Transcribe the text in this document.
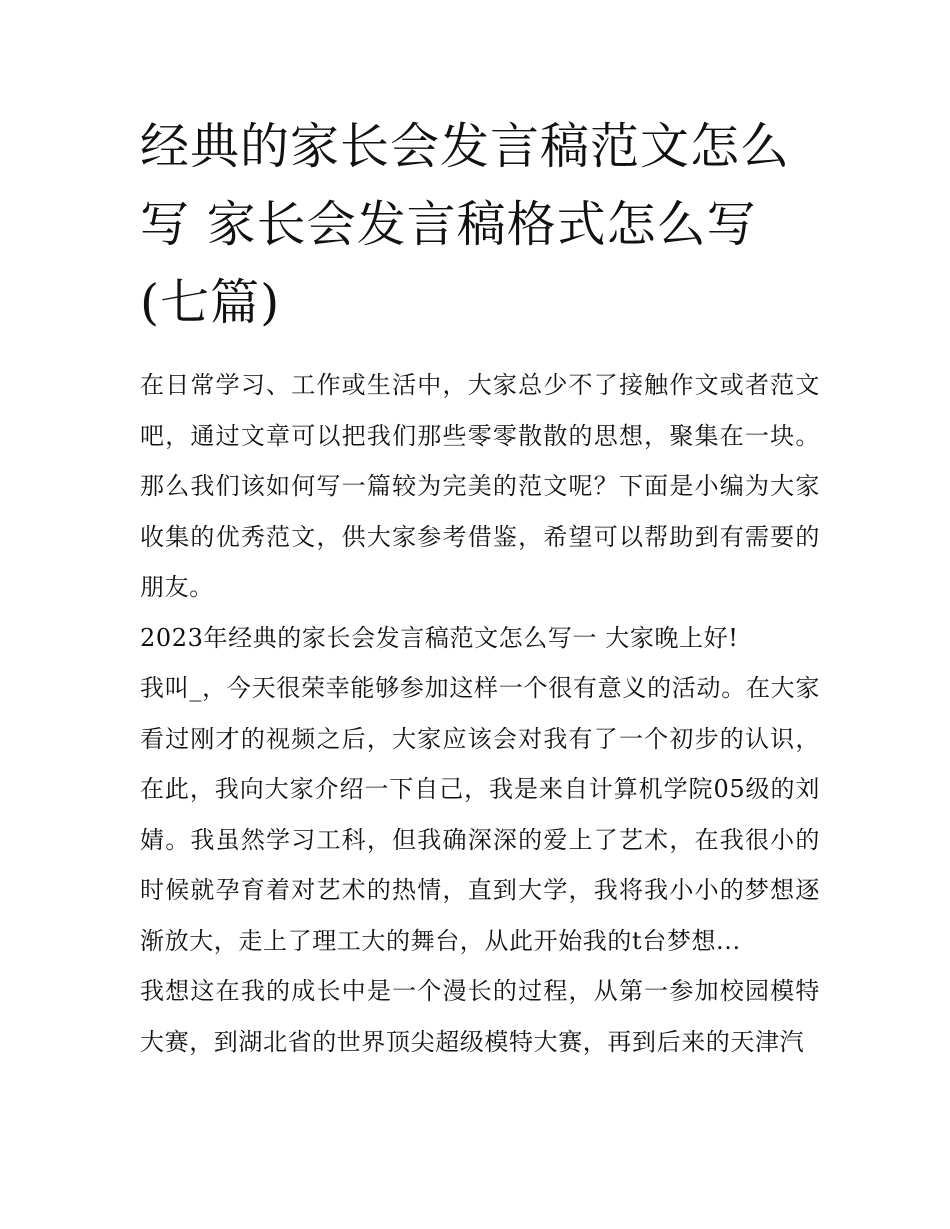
经典的家长会发言稿范文怎么
写 家长会发言稿格式怎么写
(七篇)

在日常学习、工作或生活中，大家总少不了接触作文或者范文吧，通过文章可以把我们那些零零散散的思想，聚集在一块。那么我们该如何写一篇较为完美的范文呢？下面是小编为大家收集的优秀范文，供大家参考借鉴，希望可以帮助到有需要的朋友。

2023年经典的家长会发言稿范文怎么写一 大家晚上好!

我叫_，今天很荣幸能够参加这样一个很有意义的活动。在大家看过刚才的视频之后，大家应该会对我有了一个初步的认识，在此，我向大家介绍一下自己，我是来自计算机学院05级的刘婧。我虽然学习工科，但我确深深的爱上了艺术，在我很小的时候就孕育着对艺术的热情，直到大学，我将我小小的梦想逐渐放大，走上了理工大的舞台，从此开始我的t台梦想...

我想这在我的成长中是一个漫长的过程，从第一参加校园模特大赛，到湖北省的世界顶尖超级模特大赛，再到后来的天津汽
